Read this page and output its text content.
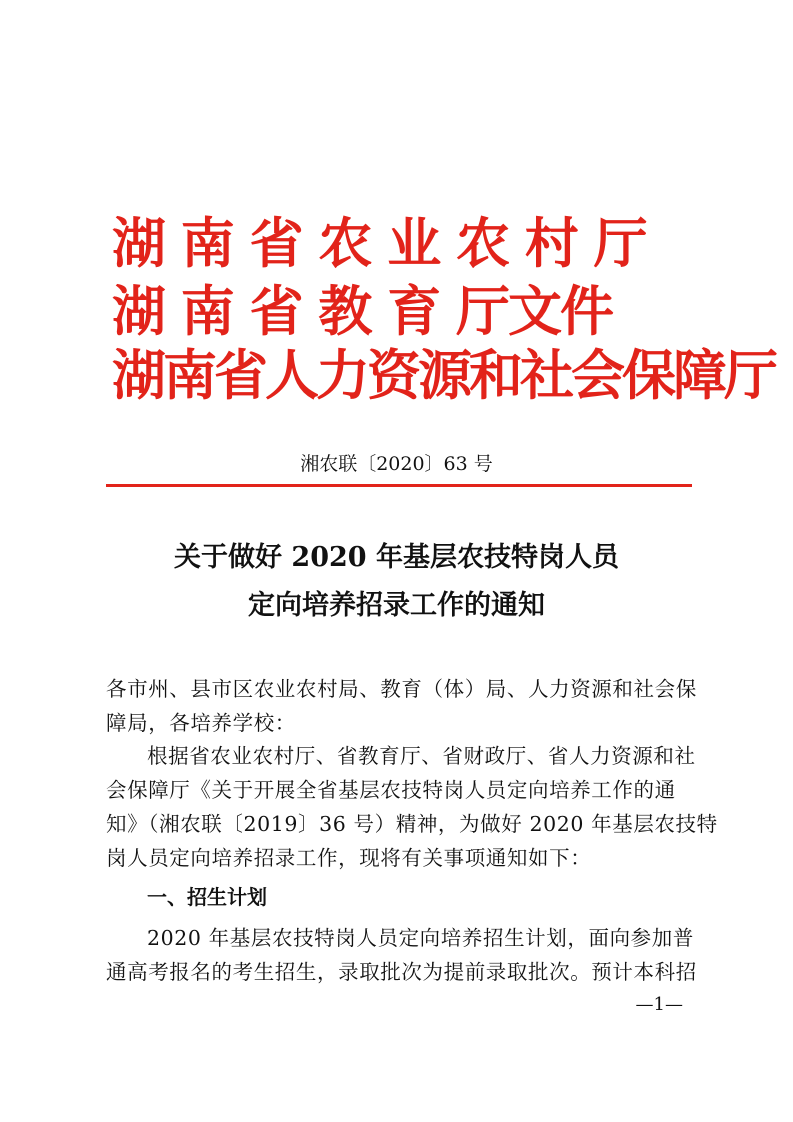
湖 南 省 农 业 农 村 厅
湖 南 省 教 育 厅文件
湖南省人力资源和社会保障厅
湘农联〔2020〕63 号
关于做好 2020 年基层农技特岗人员
定向培养招录工作的通知
各市州、县市区农业农村局、教育（体）局、人力资源和社会保
障局，各培养学校：
根据省农业农村厅、省教育厅、省财政厅、省人力资源和社
会保障厅《关于开展全省基层农技特岗人员定向培养工作的通
知》（湘农联〔2019〕36 号）精神，为做好 2020 年基层农技特
岗人员定向培养招录工作，现将有关事项通知如下：
一、招生计划
2020 年基层农技特岗人员定向培养招生计划，面向参加普
通高考报名的考生招生，录取批次为提前录取批次。预计本科招
—1—
